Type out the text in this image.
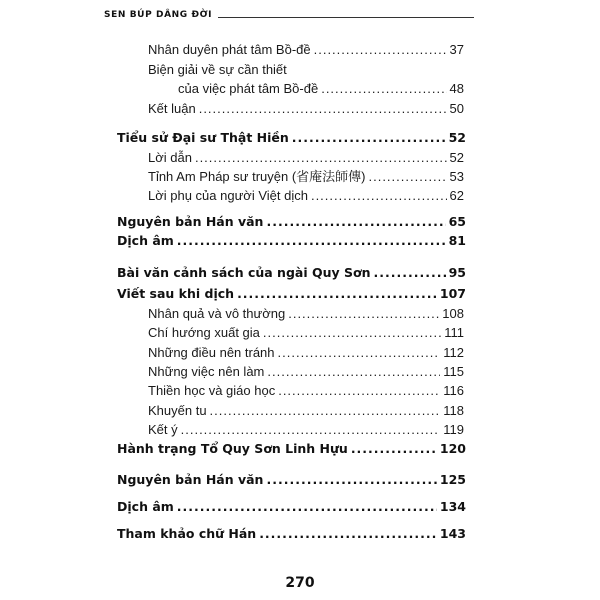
SEN BÚP DÂNG ĐỜI
Nhân duyên phát tâm Bồ-đề .....	37
Biện giải về sự cần thiết
của việc phát tâm Bồ-đề .....	48
Kết luận .....	50
Tiểu sử Đại sư Thật Hiền .....	52
Lời dẫn .....	52
Tỉnh Am Pháp sư truyện (省庵法師傳) .....	53
Lời phụ của người Việt dịch .....	62
Nguyên bản Hán văn .....	65
Dịch âm .....	81
Bài văn cảnh sách của ngài Quy Sơn .....	95
Viết sau khi dịch .....	107
Nhân quả và vô thường .....	108
Chí hướng xuất gia .....	111
Những điều nên tránh .....	112
Những việc nên làm .....	115
Thiền học và giáo học .....	116
Khuyến tu .....	118
Kết ý .....	119
Hành trạng Tổ Quy Sơn Linh Hựu .....	120
Nguyên bản Hán văn .....	125
Dịch âm .....	134
Tham khảo chữ Hán .....	143
270
